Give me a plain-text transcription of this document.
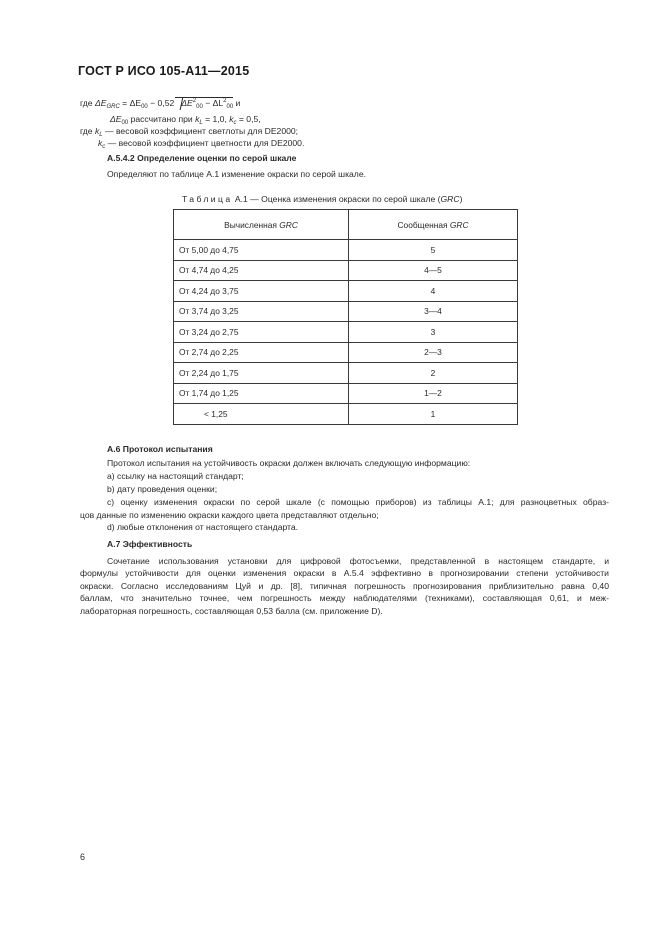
ГОСТ Р ИСО 105-A11—2015
где $\Delta E_{GRC} = \Delta E_{00} - 0,52$ $\Delta E^2_{00} - \Delta L^2_{00}$ и
$\Delta E_{00}$ рассчитано при $k_L = 1,0$, $k_c = 0,5$,
где $k_L$ — весовой коэффициент светлоты для DE2000;
$k_c$ — весовой коэффициент цветности для DE2000.
А.5.4.2 Определение оценки по серой шкале
Определяют по таблице А.1 изменение окраски по серой шкале.
Таблица А.1 — Оценка изменения окраски по серой шкале (GRC)
Вычисленная GRC	Сообщенная GRC
От 5,00 до 4,75	5
От 4,74 до 4,25	4—5
От 4,24 до 3,75	4
От 3,74 до 3,25	3—4
От 3,24 до 2,75	3
От 2,74 до 2,25	2—3
От 2,24 до 1,75	2
От 1,74 до 1,25	1—2
< 1,25	1
А.6 Протокол испытания
Протокол испытания на устойчивость окраски должен включать следующую информацию:
a) ссылку на настоящий стандарт;
b) дату проведения оценки;
c) оценку изменения окраски по серой шкале (с помощью приборов) из таблицы А.1; для разноцветных образ-
цов данные по изменению окраски каждого цвета представляют отдельно;
d) любые отклонения от настоящего стандарта.
А.7 Эффективность
Сочетание использования установки для цифровой фотосъемки, представленной в настоящем стандарте, и
формулы устойчивости для оценки изменения окраски в А.5.4 эффективно в прогнозировании степени устойчивости
окраски. Согласно исследованиям Цуй и др. [8], типичная погрешность прогнозирования приблизительно равна 0,40
баллам, что значительно точнее, чем погрешность между наблюдателями (техниками), составляющая 0,61, и меж-
лабораторная погрешность, составляющая 0,53 балла (см. приложение D).
6
